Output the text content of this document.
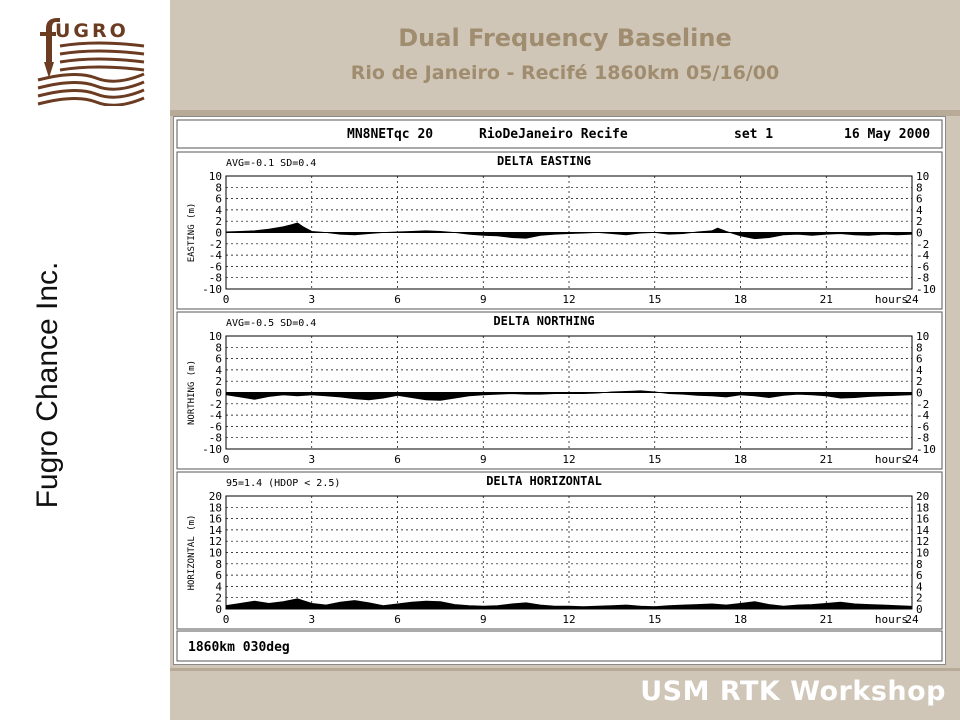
UGRO
Fugro Chance Inc.
Dual Frequency Baseline
Rio de Janeiro - Recifé 1860km 05/16/00
MN8NETqc 20	RioDeJaneiro Recife	set 1	16 May 2000
10	10
8	8
6	6
4	4
2	2
0	0
-2	-2
-4	-4
-6	-6
-8	-8
-10	-10
0	3	6	9	12	15	18	21	24
hours
EASTING (m)
DELTA EASTING
AVG=-0.1 SD=0.4
10	10
8	8
6	6
4	4
2	2
0	0
-2	-2
-4	-4
-6	-6
-8	-8
-10	-10
0	3	6	9	12	15	18	21	24
hours
NORTHING (m)
DELTA NORTHING
AVG=-0.5 SD=0.4
20	20
18	18
16	16
14	14
12	12
10	10
8	8
6	6
4	4
2	2
0	0
0	3	6	9	12	15	18	21	24
hours
HORIZONTAL (m)
DELTA HORIZONTAL
95=1.4 (HDOP < 2.5)
1860km 030deg
USM RTK Workshop
